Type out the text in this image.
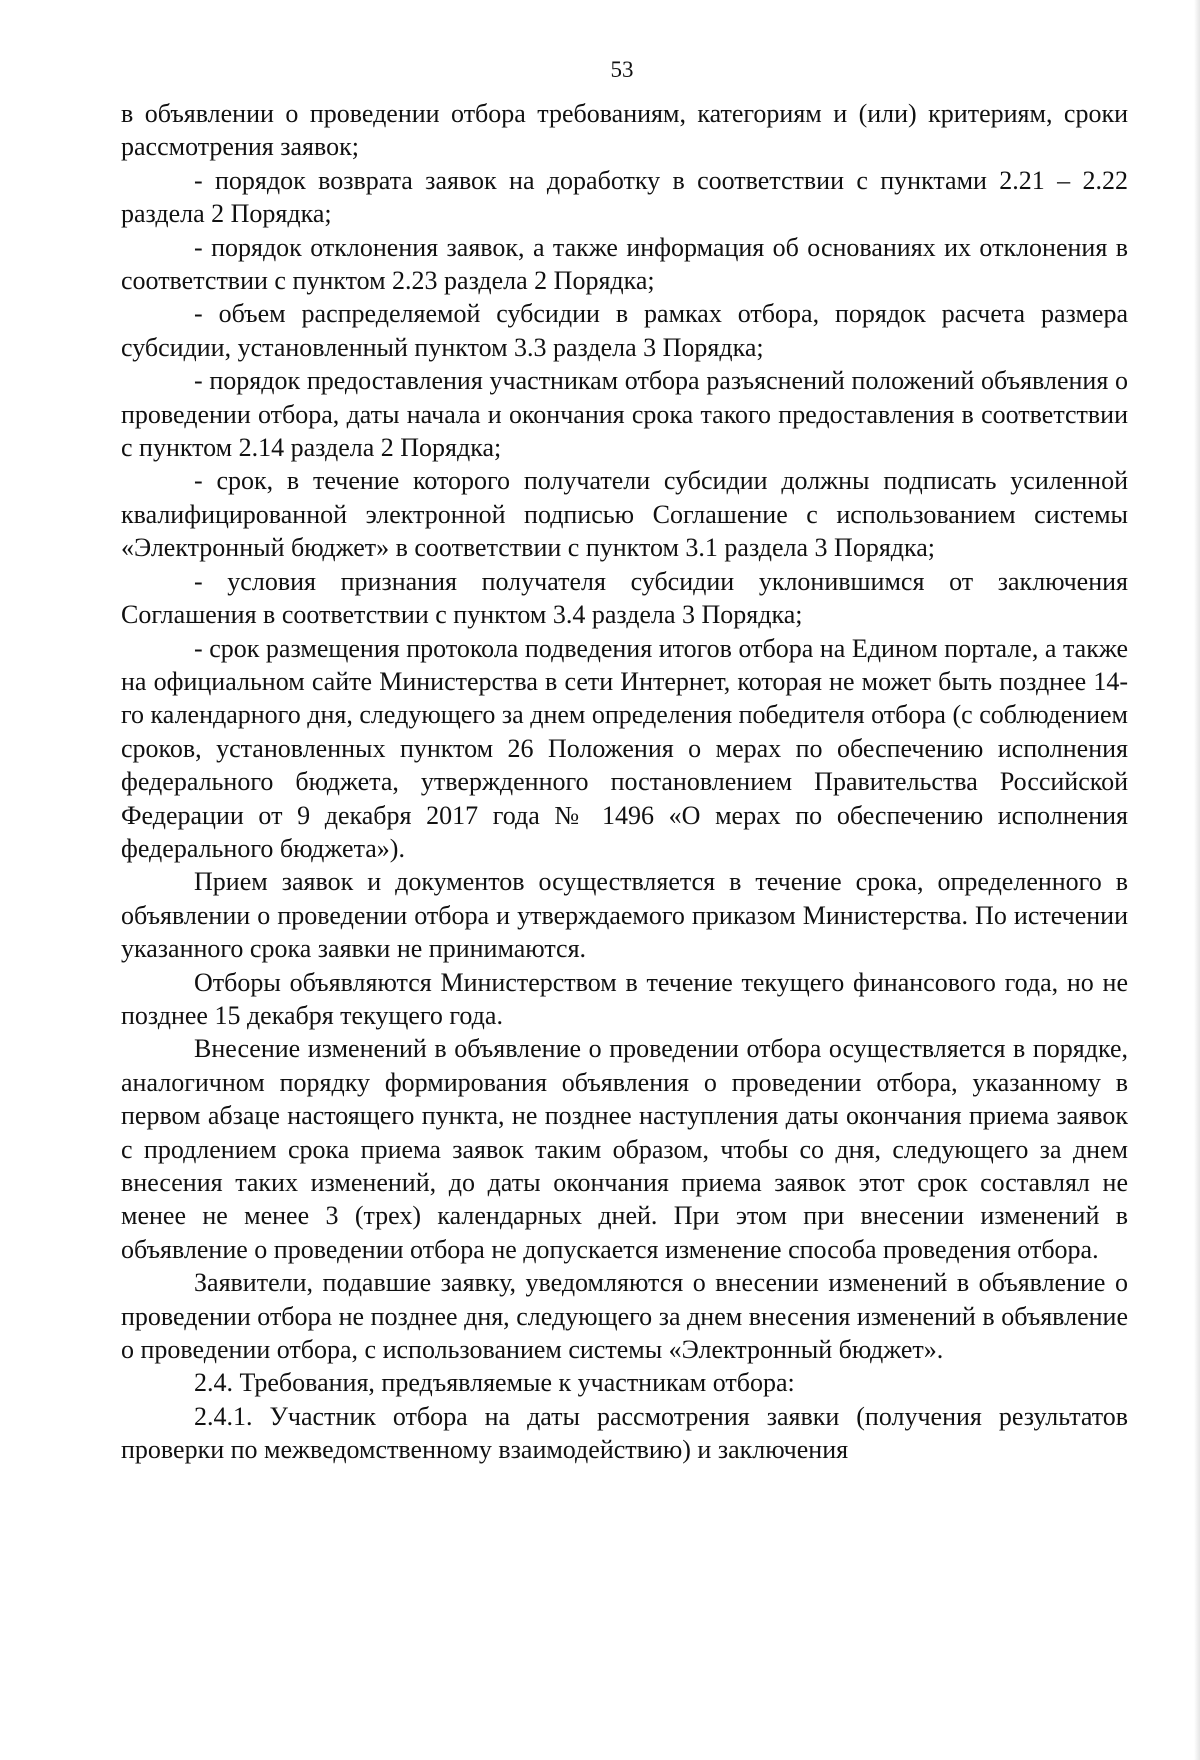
53

в объявлении о проведении отбора требованиям, категориям и (или) критериям, сроки рассмотрения заявок;

- порядок возврата заявок на доработку в соответствии с пунктами 2.21 – 2.22 раздела 2 Порядка;

- порядок отклонения заявок, а также информация об основаниях их отклонения в соответствии с пунктом 2.23 раздела 2 Порядка;

- объем распределяемой субсидии в рамках отбора, порядок расчета размера субсидии, установленный пунктом 3.3 раздела 3 Порядка;

- порядок предоставления участникам отбора разъяснений положений объявления о проведении отбора, даты начала и окончания срока такого предоставления в соответствии с пунктом 2.14 раздела 2 Порядка;

- срок, в течение которого получатели субсидии должны подписать усиленной квалифицированной электронной подписью Соглашение с использованием системы «Электронный бюджет» в соответствии с пунктом 3.1 раздела 3 Порядка;

- условия признания получателя субсидии уклонившимся от заключения Соглашения в соответствии с пунктом 3.4 раздела 3 Порядка;

- срок размещения протокола подведения итогов отбора на Едином портале, а также на официальном сайте Министерства в сети Интернет, которая не может быть позднее 14-го календарного дня, следующего за днем определения победителя отбора (с соблюдением сроков, установленных пунктом 26 Положения о мерах по обеспечению исполнения федерального бюджета, утвержденного постановлением Правительства Российской Федерации от 9 декабря 2017 года № 1496 «О мерах по обеспечению исполнения федерального бюджета»).

Прием заявок и документов осуществляется в течение срока, определенного в объявлении о проведении отбора и утверждаемого приказом Министерства. По истечении указанного срока заявки не принимаются.

Отборы объявляются Министерством в течение текущего финансового года, но не позднее 15 декабря текущего года.

Внесение изменений в объявление о проведении отбора осуществляется в порядке, аналогичном порядку формирования объявления о проведении отбора, указанному в первом абзаце настоящего пункта, не позднее наступления даты окончания приема заявок с продлением срока приема заявок таким образом, чтобы со дня, следующего за днем внесения таких изменений, до даты окончания приема заявок этот срок составлял не менее не менее 3 (трех) календарных дней. При этом при внесении изменений в объявление о проведении отбора не допускается изменение способа проведения отбора.

Заявители, подавшие заявку, уведомляются о внесении изменений в объявление о проведении отбора не позднее дня, следующего за днем внесения изменений в объявление о проведении отбора, с использованием системы «Электронный бюджет».

2.4. Требования, предъявляемые к участникам отбора:

2.4.1. Участник отбора на даты рассмотрения заявки (получения результатов проверки по межведомственному взаимодействию) и заключения
